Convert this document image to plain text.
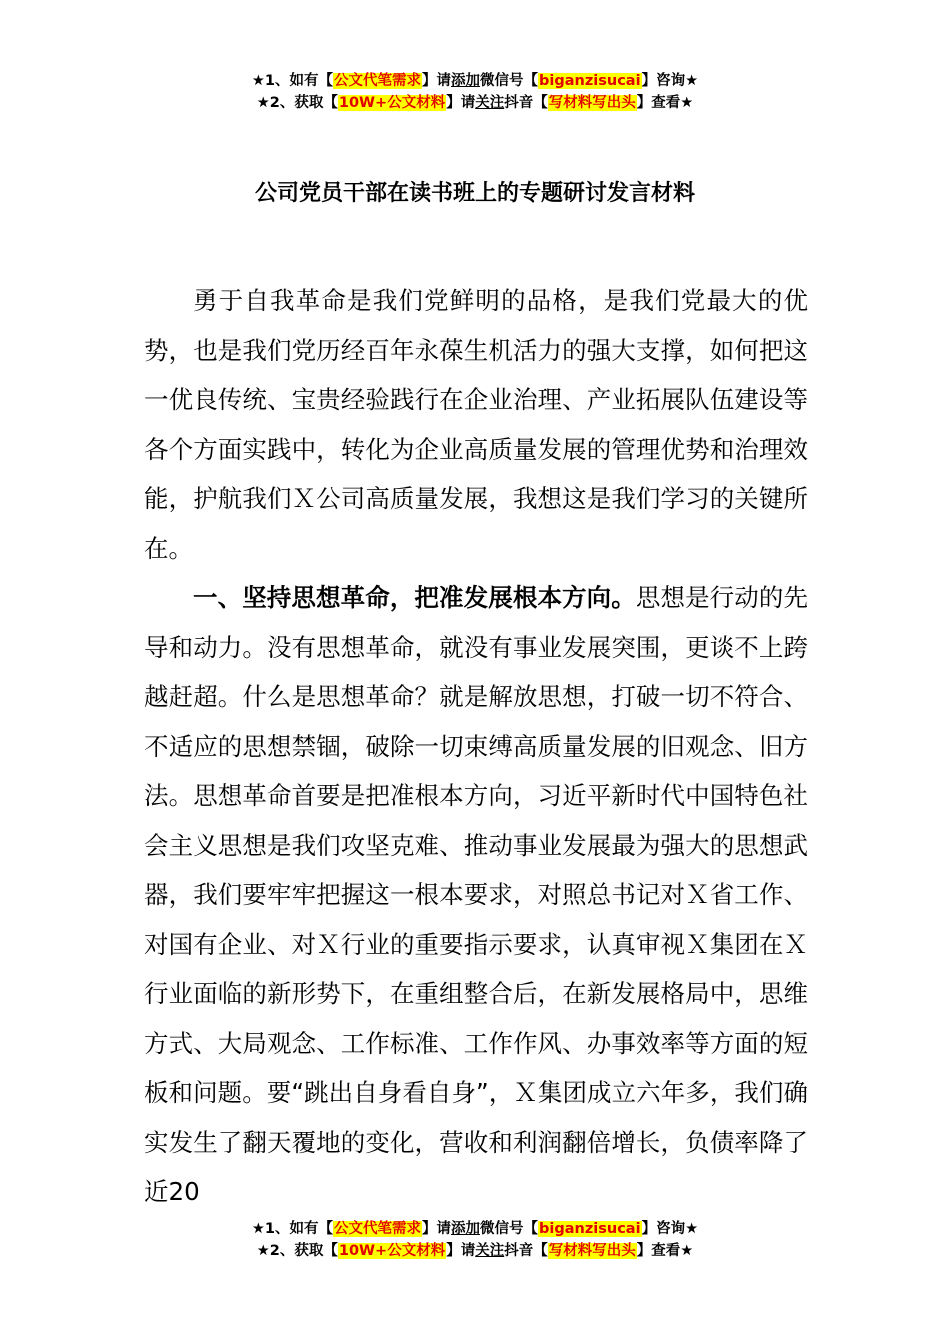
★1、如有【公文代笔需求】请添加微信号【biganzisucai】咨询★
★2、获取【10W+公文材料】请关注抖音【写材料写出头】查看★
公司党员干部在读书班上的专题研讨发言材料

勇于自我革命是我们党鲜明的品格，是我们党最大的优势，也是我们党历经百年永葆生机活力的强大支撑，如何把这一优良传统、宝贵经验践行在企业治理、产业拓展队伍建设等各个方面实践中，转化为企业高质量发展的管理优势和治理效能，护航我们Ｘ公司高质量发展，我想这是我们学习的关键所在。

一、坚持思想革命，把准发展根本方向。思想是行动的先导和动力。没有思想革命，就没有事业发展突围，更谈不上跨越赶超。什么是思想革命？就是解放思想，打破一切不符合、不适应的思想禁锢，破除一切束缚高质量发展的旧观念、旧方法。思想革命首要是把准根本方向，习近平新时代中国特色社会主义思想是我们攻坚克难、推动事业发展最为强大的思想武器，我们要牢牢把握这一根本要求，对照总书记对Ｘ省工作、对国有企业、对Ｘ行业的重要指示要求，认真审视Ｘ集团在Ｘ行业面临的新形势下，在重组整合后，在新发展格局中，思维方式、大局观念、工作标准、工作作风、办事效率等方面的短板和问题。要“跳出自身看自身”，Ｘ集团成立六年多，我们确实发生了翻天覆地的变化，营收和利润翻倍增长，负债率降了近20

★1、如有【公文代笔需求】请添加微信号【biganzisucai】咨询★
★2、获取【10W+公文材料】请关注抖音【写材料写出头】查看★
